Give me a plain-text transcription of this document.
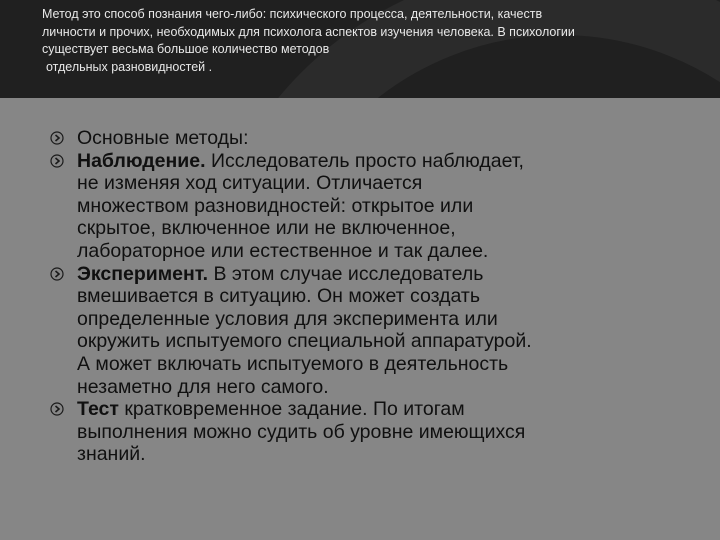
Метод это способ познания чего-либо: психического процесса, деятельности, качеств
личности и прочих, необходимых для психолога аспектов изучения человека. В психологии
существует весьма большое количество методов
отдельных разновидностей .
Основные методы:
Наблюдение. Исследователь просто наблюдает,
не изменяя ход ситуации. Отличается
множеством разновидностей: открытое или
скрытое, включенное или не включенное,
лабораторное или естественное и так далее.
Эксперимент. В этом случае исследователь
вмешивается в ситуацию. Он может создать
определенные условия для эксперимента или
окружить испытуемого специальной аппаратурой.
А может включать испытуемого в деятельность
незаметно для него самого.
Тест кратковременное задание. По итогам
выполнения можно судить об уровне имеющихся
знаний.
